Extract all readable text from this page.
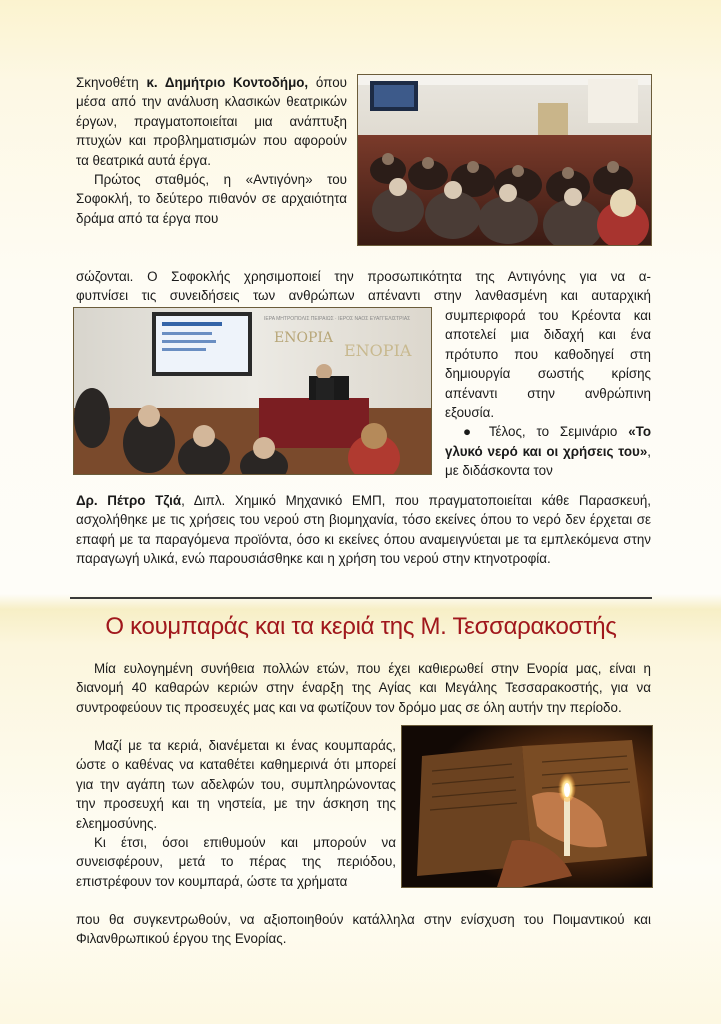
Σκηνοθέτη κ. Δημήτριο Κοντοδήμο, όπου μέσα από την ανάλυση κλασικών θεατρικών έργων, πραγματοποιείται μια ανάπτυξη πτυχών και προβληματισμών που αφορούν τα θεατρικά αυτά έργα.

Πρώτος σταθμός, η «Αντιγόνη» του Σοφοκλή, το δεύτερο πιθανόν σε αρχαιότητα δράμα από τα έργα που

σώζονται. Ο Σοφοκλής χρησιμοποιεί την προσωπικότητα της Αντιγόνης για να α-

φυπνίσει τις συνειδήσεις των ανθρώπων απέναντι στην λανθασμένη και αυταρχική

ΕΝΟΡΙΑ
ΕΝΟΡΙΑ
ΙΕΡΑ ΜΗΤΡΟΠΟΛΙΣ ΠΕΙΡΑΙΩΣ · ΙΕΡΟΣ ΝΑΟΣ ΕΥΑΓΓΕΛΙΣΤΡΙΑΣ	συμπεριφορά του Κρέοντα και αποτελεί μια διδαχή και ένα πρότυπο που καθοδηγεί στη δημιουργία σωστής κρίσης απέναντι στην ανθρώπινη εξουσία.

● Τέλος, το Σεμινάριο «Το γλυκό νερό και οι χρήσεις του», με διδάσκοντα τον

Δρ. Πέτρο Τζιά, Διπλ. Χημικό Μηχανικό ΕΜΠ, που πραγματοποιείται κάθε Παρασκευή, ασχολήθηκε με τις χρήσεις του νερού στη βιομηχανία, τόσο εκείνες όπου το νερό δεν έρχεται σε επαφή με τα παραγόμενα προϊόντα, όσο κι εκείνες όπου αναμειγνύεται με τα εμπλεκόμενα στην παραγωγή υλικά, ενώ παρουσιάσθηκε και η χρήση του νερού στην κτηνοτροφία.

Ο κουμπαράς και τα κεριά της Μ. Τεσσαρακοστής

Μία ευλογημένη συνήθεια πολλών ετών, που έχει καθιερωθεί στην Ενορία μας, είναι η διανομή 40 καθαρών κεριών στην έναρξη της Αγίας και Μεγάλης Τεσσαρακοστής, για να συντροφεύουν τις προσευχές μας και να φωτίζουν τον δρόμο μας σε όλη αυτήν την περίοδο.

Μαζί με τα κεριά, διανέμεται κι ένας κουμπαράς, ώστε ο καθένας να καταθέτει καθημερινά ότι μπορεί για την αγάπη των αδελφών του, συμπληρώνοντας την προσευχή και τη νηστεία, με την άσκηση της ελεημοσύνης.

Κι έτσι, όσοι επιθυμούν και μπορούν να συνεισφέρουν, μετά το πέρας της περιόδου, επιστρέφουν τον κουμπαρά, ώστε τα χρήματα

που θα συγκεντρωθούν, να αξιοποιηθούν κατάλληλα στην ενίσχυση του Ποιμαντικού και Φιλανθρωπικού έργου της Ενορίας.
